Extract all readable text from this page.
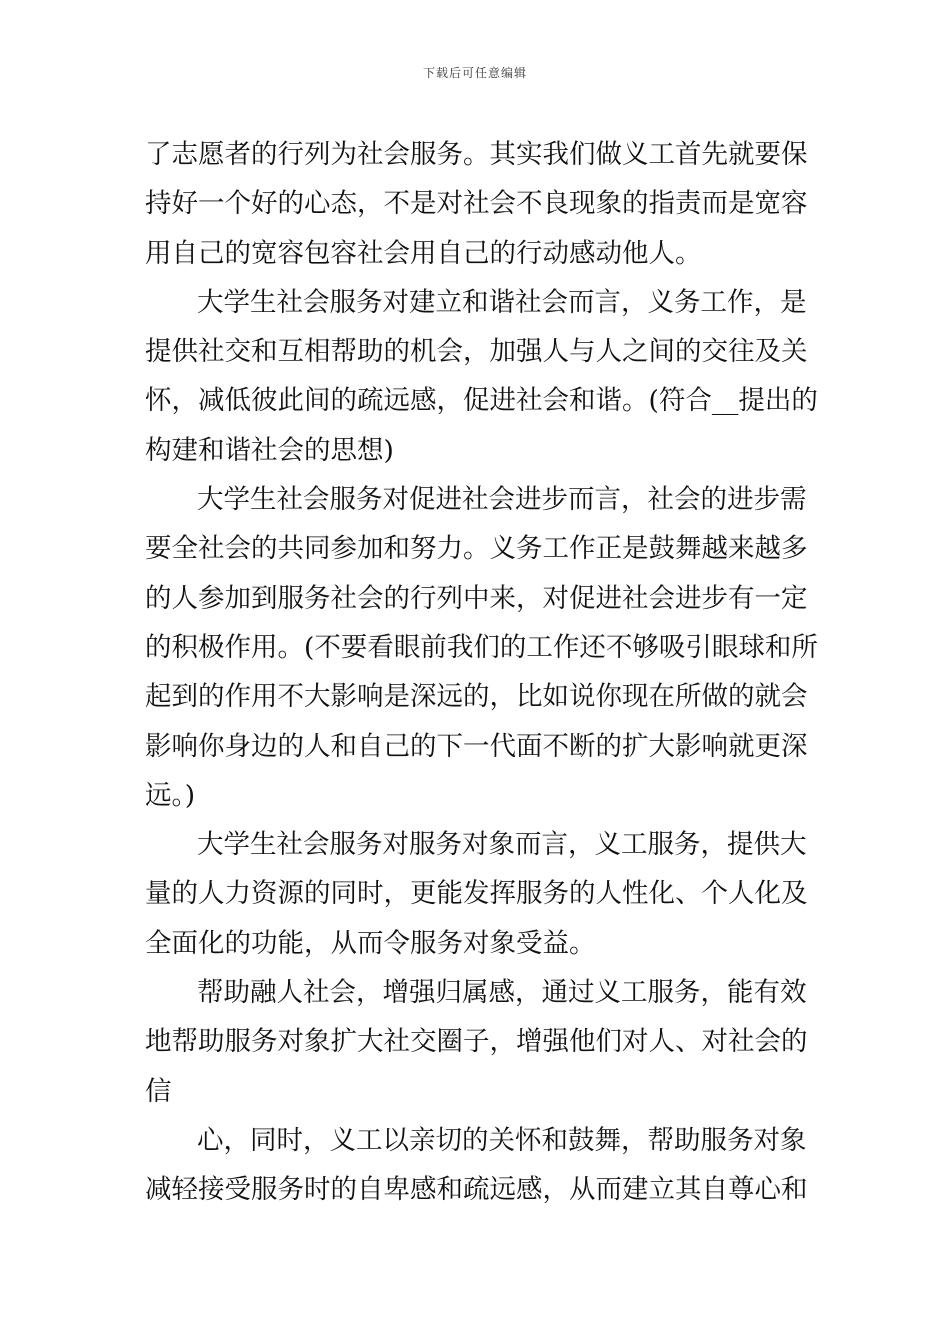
下载后可任意编辑
了志愿者的行列为社会服务。其实我们做义工首先就要保
持好一个好的心态，不是对社会不良现象的指责而是宽容
用自己的宽容包容社会用自己的行动感动他人。
大学生社会服务对建立和谐社会而言，义务工作，是
提供社交和互相帮助的机会，加强人与人之间的交往及关
怀，减低彼此间的疏远感，促进社会和谐。(符合__提出的
构建和谐社会的思想)
大学生社会服务对促进社会进步而言，社会的进步需
要全社会的共同参加和努力。义务工作正是鼓舞越来越多
的人参加到服务社会的行列中来，对促进社会进步有一定
的积极作用。(不要看眼前我们的工作还不够吸引眼球和所
起到的作用不大影响是深远的，比如说你现在所做的就会
影响你身边的人和自己的下一代面不断的扩大影响就更深
远。)
大学生社会服务对服务对象而言，义工服务，提供大
量的人力资源的同时，更能发挥服务的人性化、个人化及
全面化的功能，从而令服务对象受益。
帮助融人社会，增强归属感，通过义工服务，能有效
地帮助服务对象扩大社交圈子，增强他们对人、对社会的
信
心，同时，义工以亲切的关怀和鼓舞，帮助服务对象
减轻接受服务时的自卑感和疏远感，从而建立其自尊心和
